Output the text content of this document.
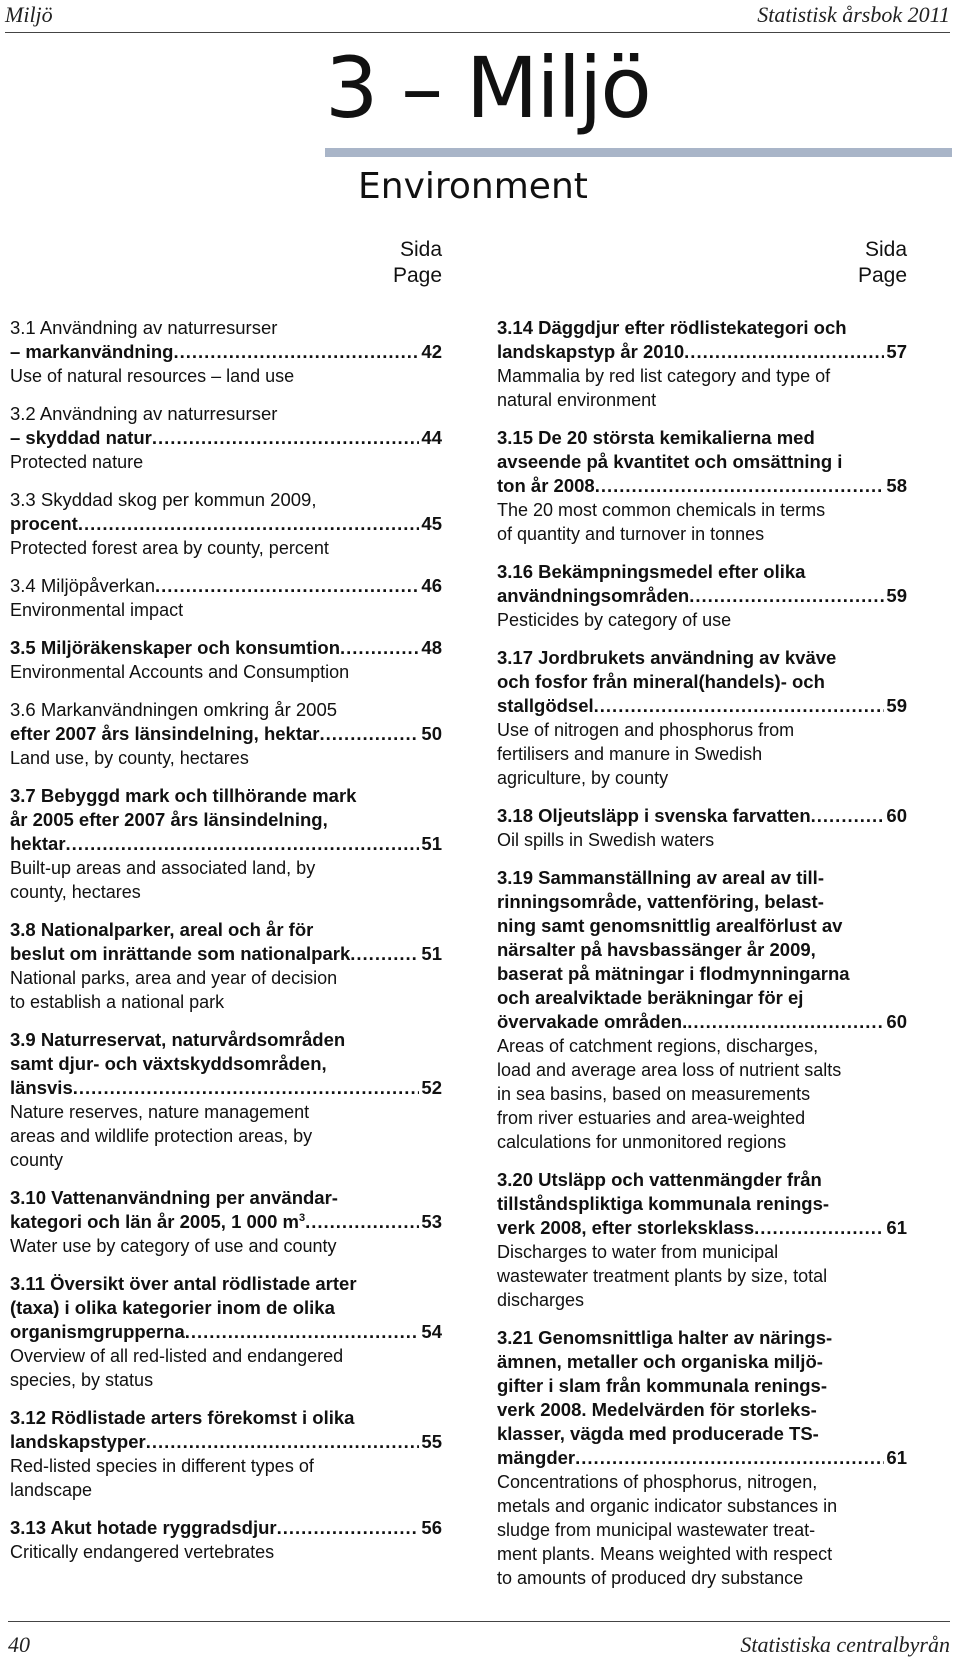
Miljö	Statistisk årsbok 2011
3 – Miljö
Environment
Sida
Page
Sida
Page
3.1 Användning av naturresurser
– markanvändning .....	42
Use of natural resources – land use
3.2 Användning av naturresurser
– skyddad natur .....	44
Protected nature
3.3 Skyddad skog per kommun 2009,
procent .....	45
Protected forest area by county, percent
3.4 Miljöpåverkan .....	46
Environmental impact
3.5 Miljöräkenskaper och konsumtion .....	48
Environmental Accounts and Consumption
3.6 Markanvändningen omkring år 2005
efter 2007 års länsindelning, hektar .....	50
Land use, by county, hectares
3.7 Bebyggd mark och tillhörande mark
år 2005 efter 2007 års länsindelning,
hektar .....	51
Built-up areas and associated land, by
county, hectares
3.8 Nationalparker, areal och år för
beslut om inrättande som nationalpark .....	51
National parks, area and year of decision
to establish a national park
3.9 Naturreservat, naturvårdsområden
samt djur- och växtskyddsområden,
länsvis .....	52
Nature reserves, nature management
areas and wildlife protection areas, by
county
3.10 Vattenanvändning per användar-
kategori och län år 2005, 1 000 $m^3$ .....	53
Water use by category of use and county
3.11 Översikt över antal rödlistade arter
(taxa) i olika kategorier inom de olika
organismgrupperna .....	54
Overview of all red-listed and endangered
species, by status
3.12 Rödlistade arters förekomst i olika
landskapstyper .....	55
Red-listed species in different types of
landscape
3.13 Akut hotade ryggradsdjur .....	56
Critically endangered vertebrates
3.14 Däggdjur efter rödlistekategori och
landskapstyp år 2010 .....	57
Mammalia by red list category and type of
natural environment
3.15 De 20 största kemikalierna med
avseende på kvantitet och omsättning i
ton år 2008 .....	58
The 20 most common chemicals in terms
of quantity and turnover in tonnes
3.16 Bekämpningsmedel efter olika
användningsområden .....	59
Pesticides by category of use
3.17 Jordbrukets användning av kväve
och fosfor från mineral(handels)- och
stallgödsel .....	59
Use of nitrogen and phosphorus from
fertilisers and manure in Swedish
agriculture, by county
3.18 Oljeutsläpp i svenska farvatten .....	60
Oil spills in Swedish waters
3.19 Sammanställning av areal av till-
rinningsområde, vattenföring, belast-
ning samt genomsnittlig arealförlust av
närsalter på havsbassänger år 2009,
baserat på mätningar i flodmynningarna
och arealviktade beräkningar för ej
övervakade områden. .....	60
Areas of catchment regions, discharges,
load and average area loss of nutrient salts
in sea basins, based on measurements
from river estuaries and area-weighted
calculations for unmonitored regions
3.20 Utsläpp och vattenmängder från
tillståndspliktiga kommunala renings-
verk 2008, efter storleksklass .....	61
Discharges to water from municipal
wastewater treatment plants by size, total
discharges
3.21 Genomsnittliga halter av närings-
ämnen, metaller och organiska miljö-
gifter i slam från kommunala renings-
verk 2008. Medelvärden för storleks-
klasser, vägda med producerade TS-
mängder .....	61
Concentrations of phosphorus, nitrogen,
metals and organic indicator substances in
sludge from municipal wastewater treat-
ment plants. Means weighted with respect
to amounts of produced dry substance
40	Statistiska centralbyrån
